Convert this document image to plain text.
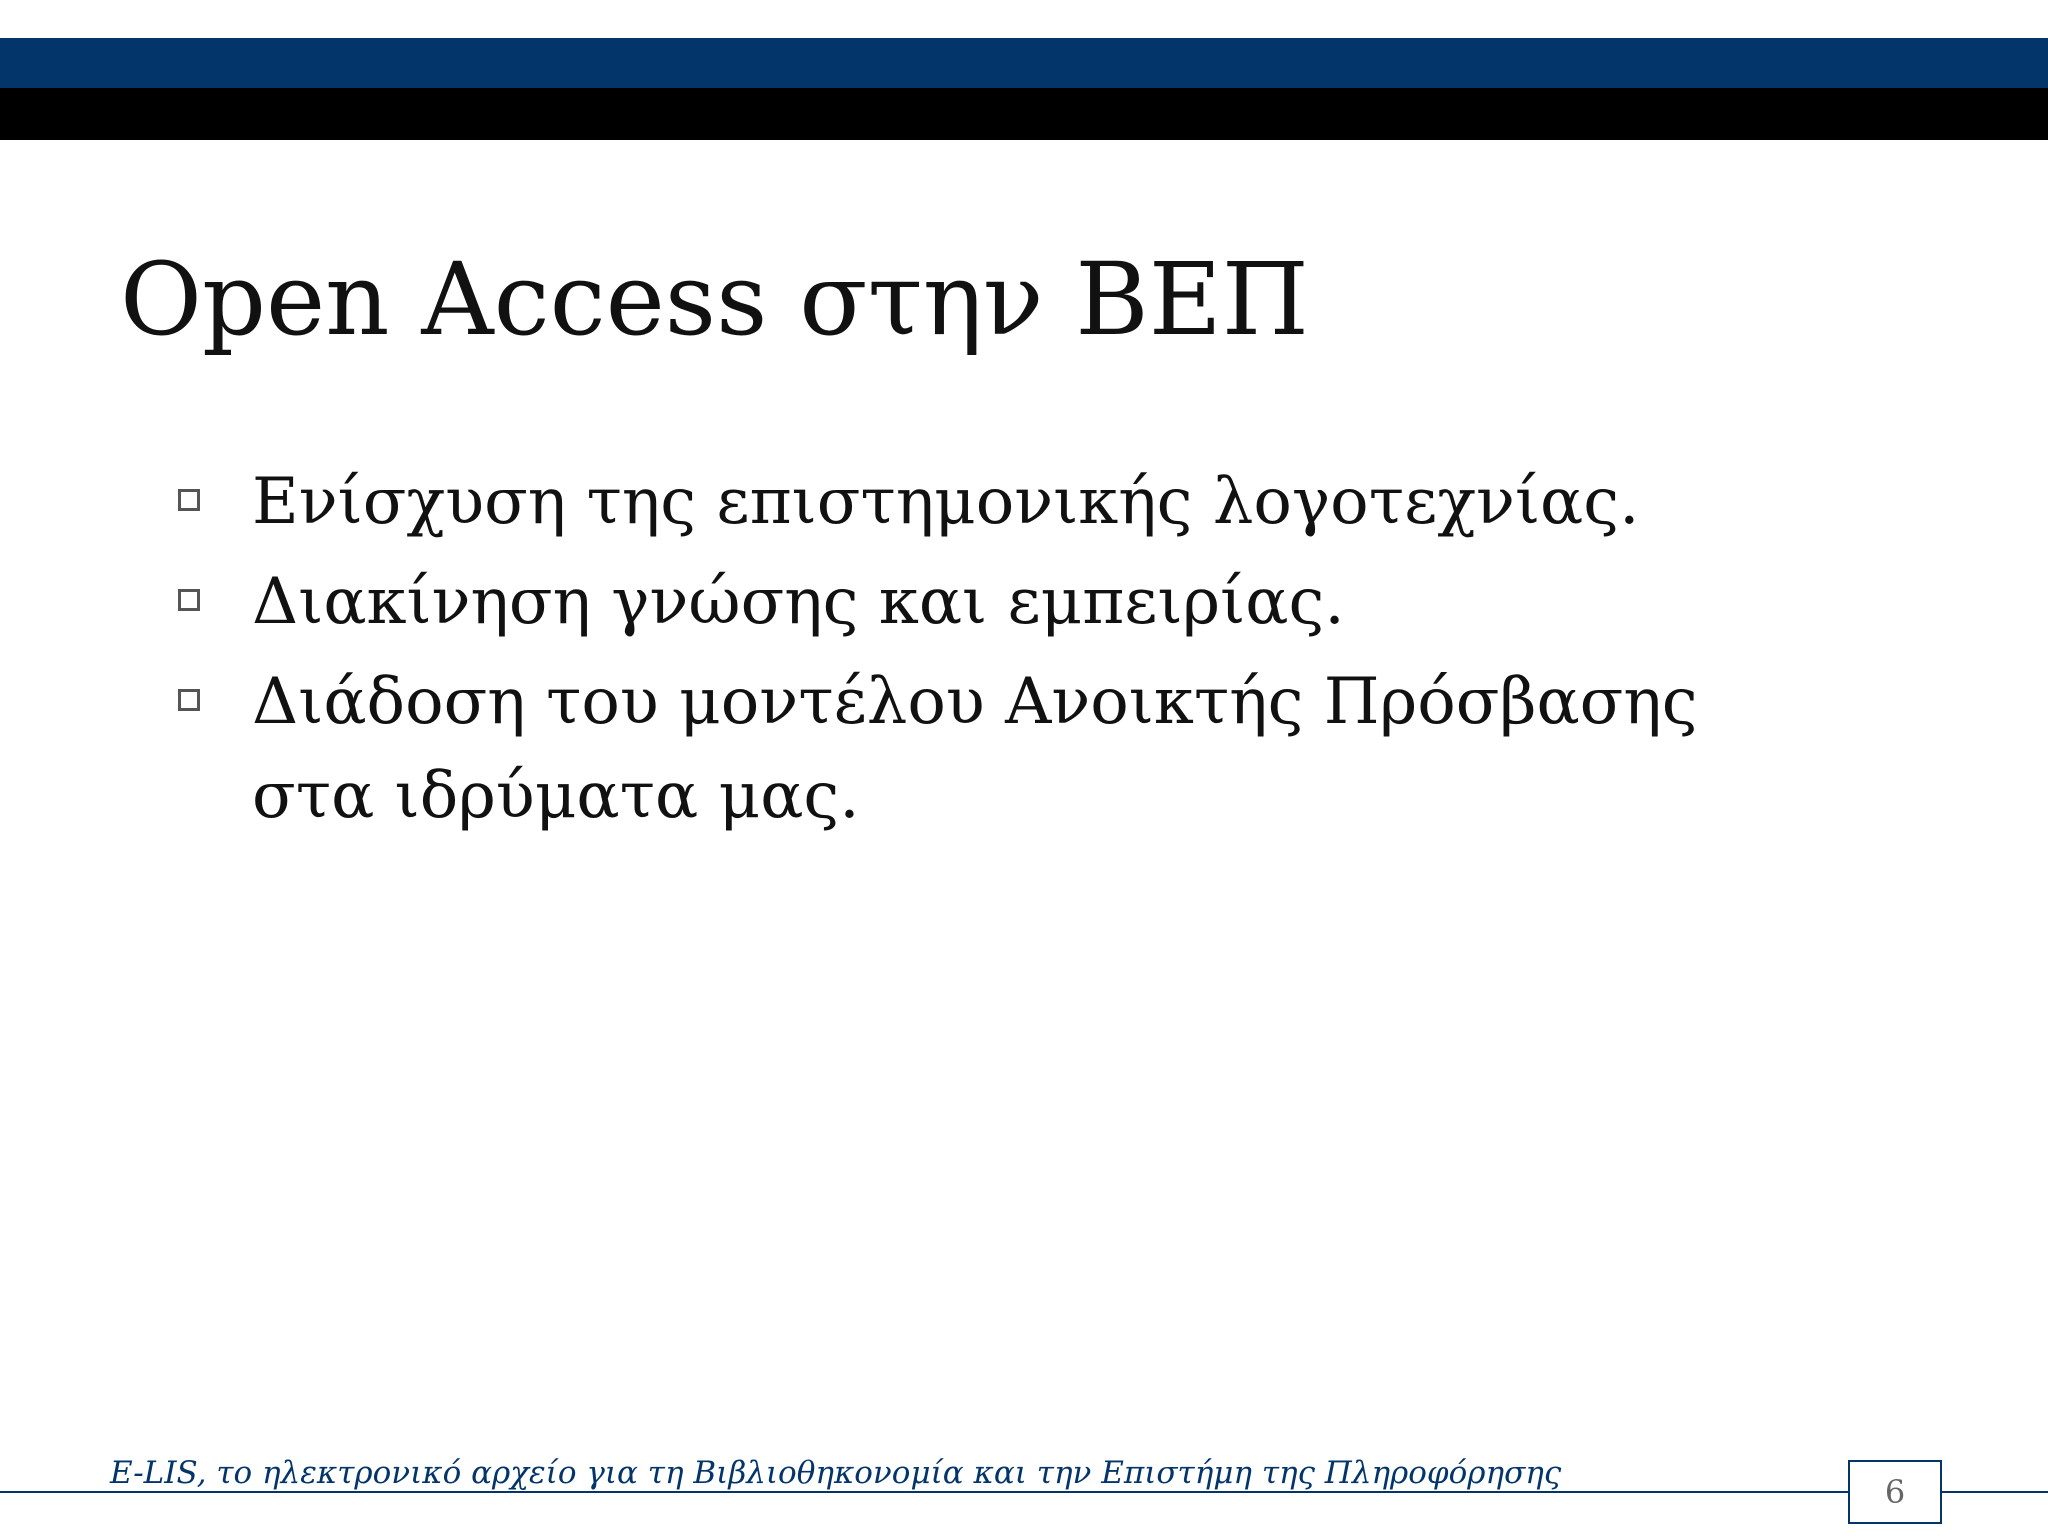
Open Access στην ΒΕΠ
Ενίσχυση της επιστημονικής λογοτεχνίας.
Διακίνηση γνώσης και εμπειρίας.
Διάδοση του μοντέλου Ανοικτής Πρόσβασης στα ιδρύματα μας.
E-LIS, το ηλεκτρονικό αρχείο για τη Βιβλιοθηκονομία και την Επιστήμη της Πληροφόρησης	6
